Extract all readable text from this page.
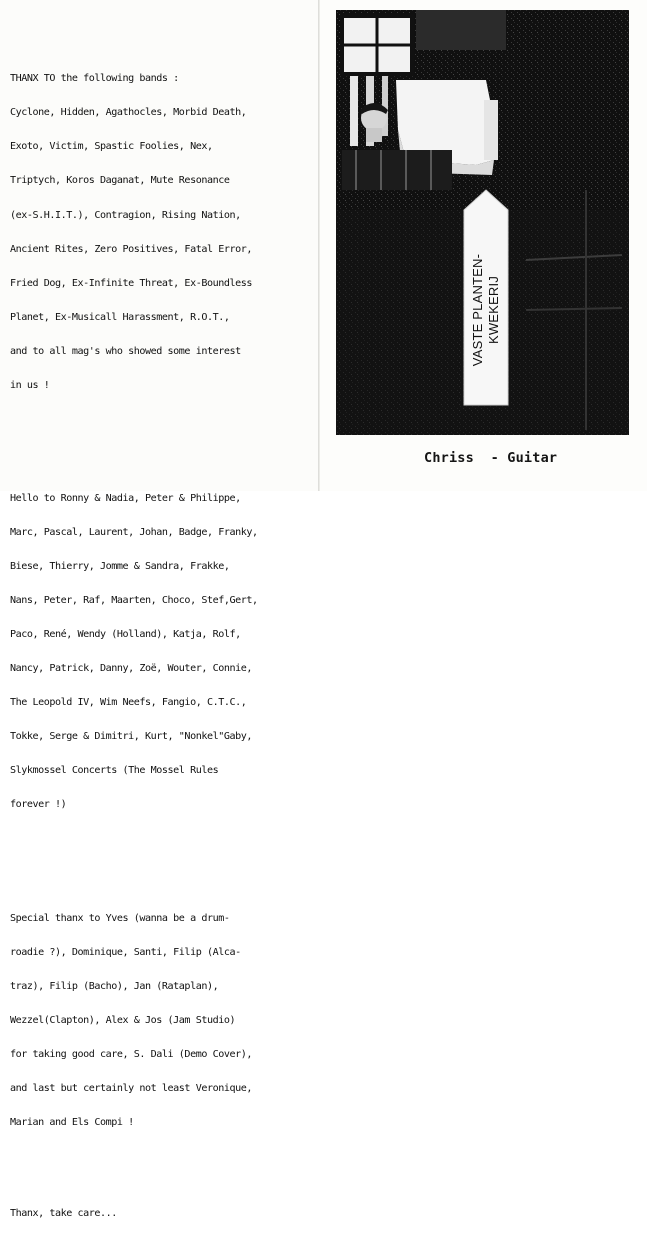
THANX TO the following bands :

Cyclone, Hidden, Agathocles, Morbid Death,

Exoto, Victim, Spastic Foolies, Nex,

Triptych, Koros Daganat, Mute Resonance

(ex-S.H.I.T.), Contragion, Rising Nation,

Ancient Rites, Zero Positives, Fatal Error,

Fried Dog, Ex-Infinite Threat, Ex-Boundless

Planet, Ex-Musicall Harassment, R.O.T.,

and to all mag's who showed some interest

in us !

Hello to Ronny & Nadia, Peter & Philippe,

Marc, Pascal, Laurent, Johan, Badge, Franky,

Biese, Thierry, Jomme & Sandra, Frakke,

Nans, Peter, Raf, Maarten, Choco, Stef,Gert,

Paco, René, Wendy (Holland), Katja, Rolf,

Nancy, Patrick, Danny, Zoë, Wouter, Connie,

The Leopold IV, Wim Neefs, Fangio, C.T.C.,

Tokke, Serge & Dimitri, Kurt, "Nonkel"Gaby,

Slykmossel Concerts (The Mossel Rules

forever !)

Special thanx to Yves (wanna be a drum-

roadie ?), Dominique, Santi, Filip (Alca-

traz), Filip (Bacho), Jan (Rataplan),

Wezzel(Clapton), Alex & Jos (Jam Studio)

for taking good care, S. Dali (Demo Cover),

and last but certainly not least Veronique,

Marian and Els Compi !

Thanx, take care...

VASTE PLANTEN- KWEKERIJ
Chriss  - Guitar
